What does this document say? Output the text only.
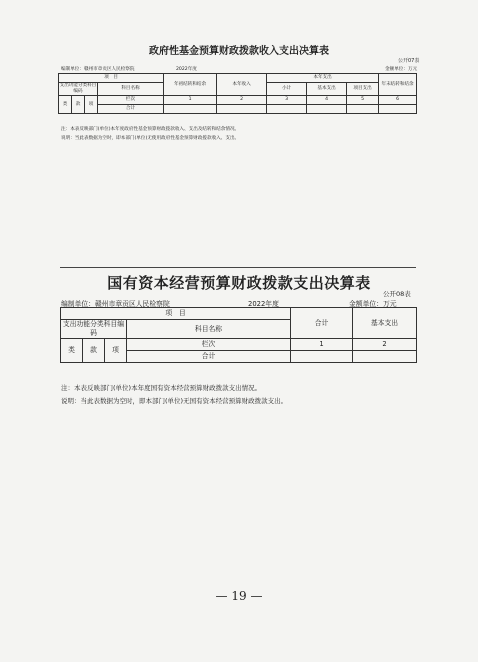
政府性基金预算财政拨款收入支出决算表
公开07表
编制单位：赣州市章贡区人民检察院	2022年度	金额单位：万元
项　目				年初结转和结余	本年收入	本年支出			年末结转和结余
支出功能分类科目编码			科目名称			小计	基本支出	项目支出	

类	款	项	栏次	1	2	3	4	5	6
			合计						
注：本表反映部门(单位)本年度政府性基金预算财政拨款收入、支出及结转和结余情况。
说明：当此表数据为空时，即本部门(单位)无使用政府性基金预算财政拨款收入、支出。
国有资本经营预算财政拨款支出决算表
公开08表
编制单位：赣州市章贡区人民检察院	2022年度	金额单位：万元
项　目				合计	基本支出	
支出功能分类科目编码			科目名称			

类	款	项	栏次	1	2	
			合计			
注：本表反映部门(单位)本年度国有资本经营预算财政拨款支出情况。
说明：当此表数据为空时，即本部门(单位)无国有资本经营预算财政拨款支出。
— 19 —
